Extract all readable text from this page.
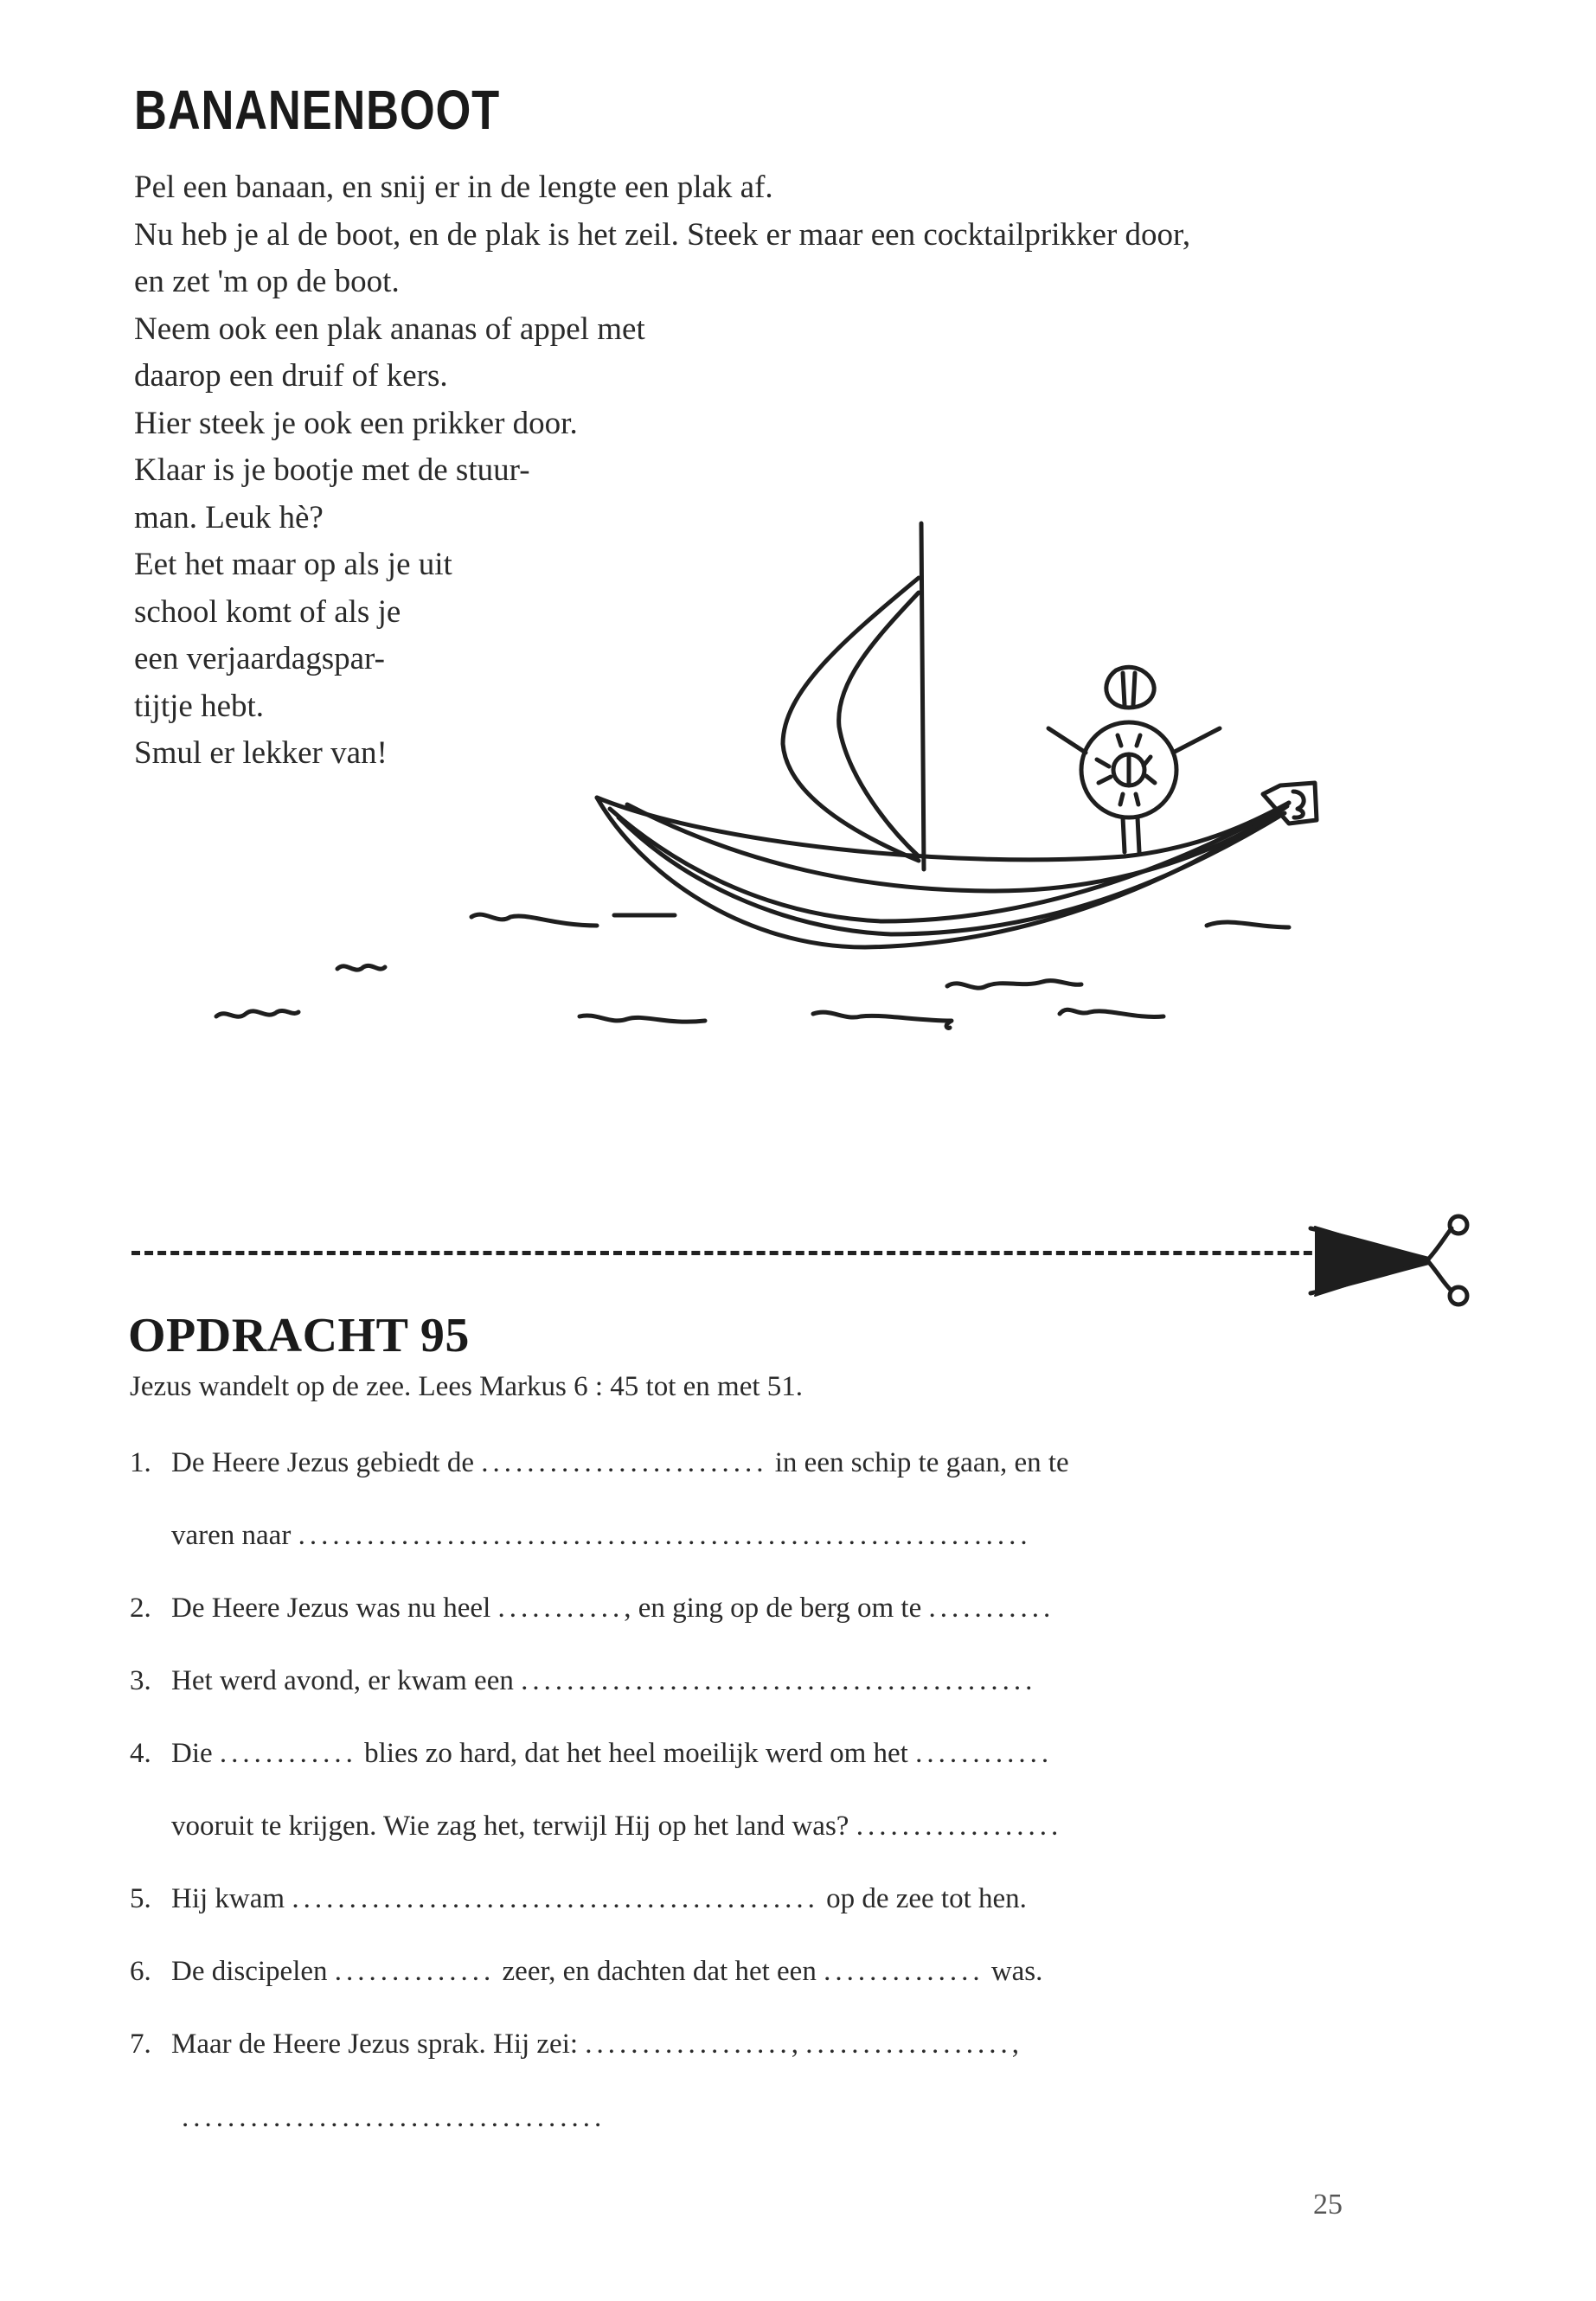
BANANENBOOT
Pel een banaan, en snij er in de lengte een plak af.
Nu heb je al de boot, en de plak is het zeil. Steek er maar een cocktailprikker door,
en zet 'm op de boot.
Neem ook een plak ananas of appel met
daarop een druif of kers.
Hier steek je ook een prikker door.
Klaar is je bootje met de stuur-
man. Leuk hè?
Eet het maar op als je uit
school komt of als je
een verjaardagspar-
tijtje hebt.
Smul er lekker van!
OPDRACHT 95
Jezus wandelt op de zee. Lees Markus 6 : 45 tot en met 51.
1. De Heere Jezus gebiedt de ......................... in een schip te gaan, en te
varen naar ................................................................
2. De Heere Jezus was nu heel ..........., en ging op de berg om te ...........
3. Het werd avond, er kwam een .............................................
4. Die ............ blies zo hard, dat het heel moeilijk werd om het ............
vooruit te krijgen. Wie zag het, terwijl Hij op het land was? ..................
5. Hij kwam .............................................. op de zee tot hen.
6. De discipelen .............. zeer, en dachten dat het een .............. was.
7. Maar de Heere Jezus sprak. Hij zei: .................., ..................,
.....................................
25
